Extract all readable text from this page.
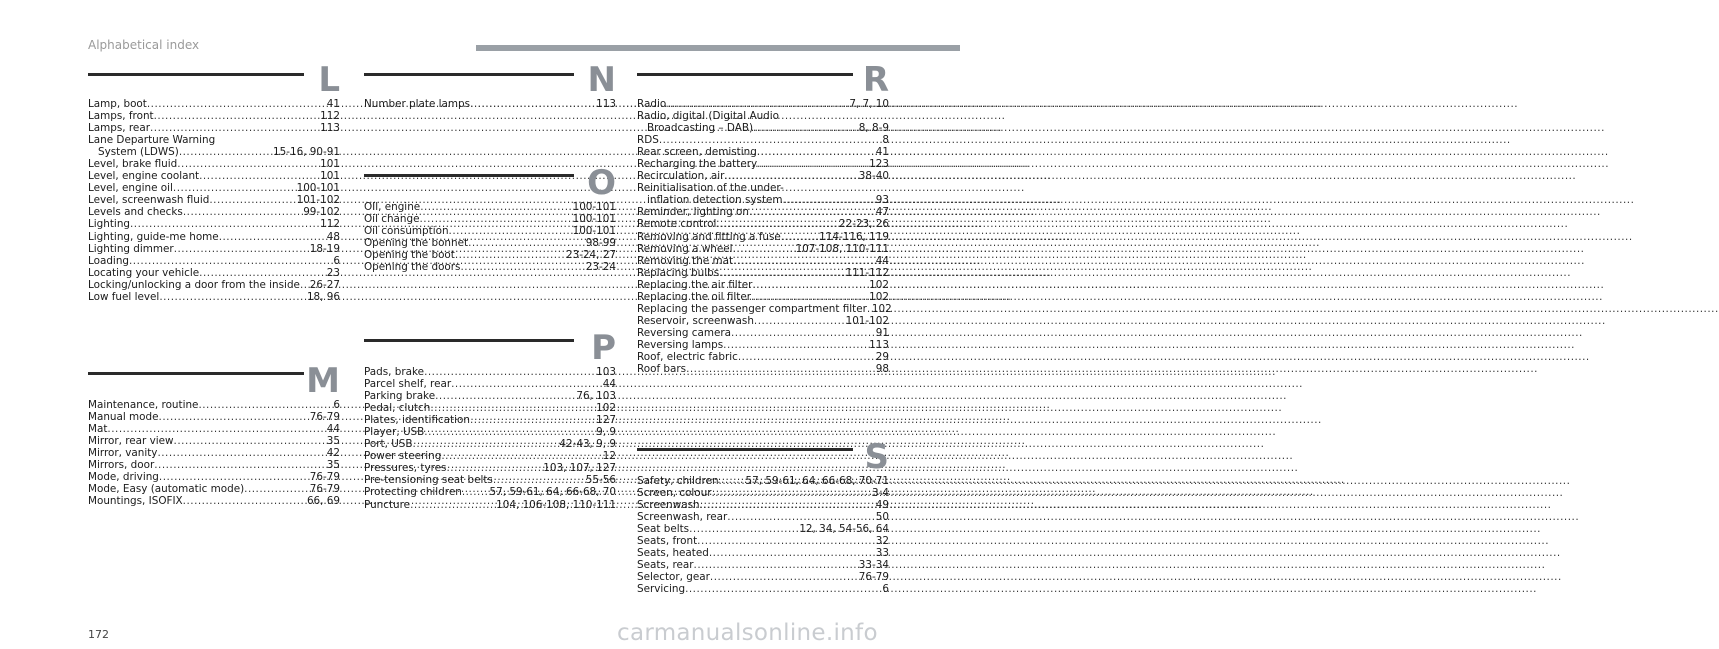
Alphabetical index
L
Lamp, boot .....	41
Lamps, front .....	112
Lamps, rear .....	113
Lane Departure Warning
System (LDWS) .....	15-16, 90-91
Level, brake fluid .....	101
Level, engine coolant .....	101
Level, engine oil .....	100-101
Level, screenwash fluid .....	101-102
Levels and checks .....	99-102
Lighting .....	112
Lighting, guide-me home .....	48
Lighting dimmer .....	18-19
Loading .....	6
Locating your vehicle .....	23
Locking/unlocking a door from the inside ..... 26-27
Low fuel level .....	18, 96
M
Maintenance, routine .....	6
Manual mode .....	76-79
Mat .....	44
Mirror, rear view .....	35
Mirror, vanity .....	42
Mirrors, door .....	35
Mode, driving .....	76-79
Mode, Easy (automatic mode) .....	76-79
Mountings, ISOFIX .....	66, 69
N
Number plate lamps .....	113
O
OIl, engine .....	100-101
Oil change .....	100-101
Oil consumption .....	100-101
Opening the bonnet .....	98-99
Opening the boot .....	23-24, 27
Opening the doors .....	23-24
P
Pads, brake .....	103
Parcel shelf, rear .....	44
Parking brake .....	76, 103
Pedal, clutch .....	102
Plates, identification .....	127
Player, USB .....	9, 9
Port, USB .....	42-43, 9, 9
Power steering .....	12
Pressures, tyres .....	103, 107, 127
Pre-tensioning seat belts .....	55-56
Protecting children .....	57, 59-61, 64, 66-68, 70
Puncture .....	104, 106-108, 110-111
R
Radio .....	7, 7, 10
Radio, digital (Digital Audio
Broadcasting – DAB) .....	8, 8-9
RDS .....	8
Rear screen, demisting .....	41
Recharging the battery .....	123
Recirculation, air .....	38-40
Reinitialisation of the under-
inflation detection system .....	93
Reminder, lighting on .....	47
Remote control .....	22-23, 26
Removing and fitting a fuse .....	114-116, 119
Removing a wheel .....	107-108, 110-111
Removing the mat .....	44
Replacing bulbs .....	111-112
Replacing the air filter .....	102
Replacing the oil filter .....	102
Replacing the passenger compartment filter ..... 102
Reservoir, screenwash .....	101-102
Reversing camera .....	91
Reversing lamps .....	113
Roof, electric fabric .....	29
Roof bars .....	98
S
Safety, children .....	57, 59-61, 64, 66-68, 70-71
Screen, colour .....	3-4
Screenwash .....	49
Screenwash, rear .....	50
Seat belts .....	12, 34, 54-56, 64
Seats, front .....	32
Seats, heated .....	33
Seats, rear .....	33-34
Selector, gear .....	76-79
Servicing .....	6
172	carmanualsonline.info
